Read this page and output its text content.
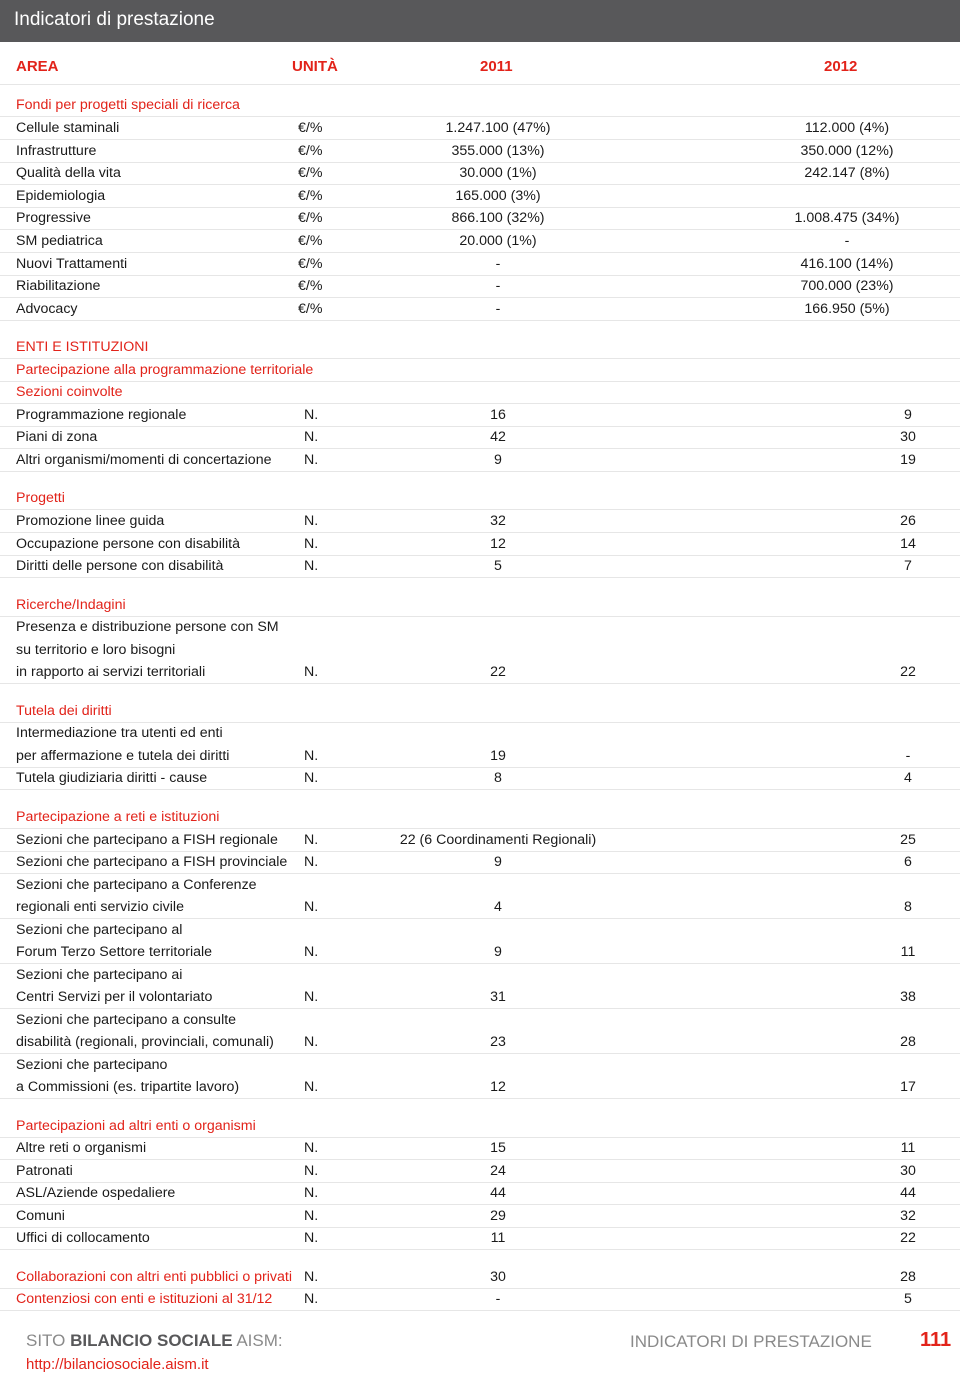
Indicatori di prestazione
AREA	UNITÀ	2011	2012
Fondi per progetti speciali di ricerca
Cellule staminali	€/%	1.247.100 (47%)	112.000 (4%)
Infrastrutture	€/%	355.000 (13%)	350.000 (12%)
Qualità della vita	€/%	30.000 (1%)	242.147 (8%)
Epidemiologia	€/%	165.000 (3%)
Progressive	€/%	866.100 (32%)	1.008.475 (34%)
SM pediatrica	€/%	20.000 (1%)	-
Nuovi Trattamenti	€/%	-	416.100 (14%)
Riabilitazione	€/%	-	700.000 (23%)
Advocacy	€/%	-	166.950 (5%)
ENTI E ISTITUZIONI
Partecipazione alla programmazione territoriale
Sezioni coinvolte
Programmazione regionale	N.	16	9
Piani di zona	N.	42	30
Altri organismi/momenti di concertazione N.	9	19
Progetti
Promozione linee guida	N.	32	26
Occupazione persone con disabilità	N.	12	14
Diritti delle persone con disabilità	N.	5	7
Ricerche/Indagini
Presenza e distribuzione persone con SM
su territorio e loro bisogni
in rapporto ai servizi territoriali	N.	22	22
Tutela dei diritti
Intermediazione tra utenti ed enti
per affermazione e tutela dei diritti	N.	19	-
Tutela giudiziaria diritti - cause	N.	8	4
Partecipazione a reti e istituzioni
Sezioni che partecipano a FISH regionale N.	22 (6 Coordinamenti Regionali)	25
Sezioni che partecipano a FISH provinciale N.	9	6
Sezioni che partecipano a Conferenze
regionali enti servizio civile	N.	4	8
Sezioni che partecipano al
Forum Terzo Settore territoriale	N.	9	11
Sezioni che partecipano ai
Centri Servizi per il volontariato	N.	31	38
Sezioni che partecipano a consulte
disabilità (regionali, provinciali, comunali) N.	23	28
Sezioni che partecipano
a Commissioni (es. tripartite lavoro)	N.	12	17
Partecipazioni ad altri enti o organismi
Altre reti o organismi	N.	15	11
Patronati	N.	24	30
ASL/Aziende ospedaliere	N.	44	44
Comuni	N.	29	32
Uffici di collocamento	N.	11	22
Collaborazioni con altri enti pubblici o privati N.	30	28
Contenziosi con enti e istituzioni al 31/12 N.	-	5
SITO BILANCIO SOCIALE AISM:
http://bilanciosociale.aism.it
INDICATORI DI PRESTAZIONE 111
